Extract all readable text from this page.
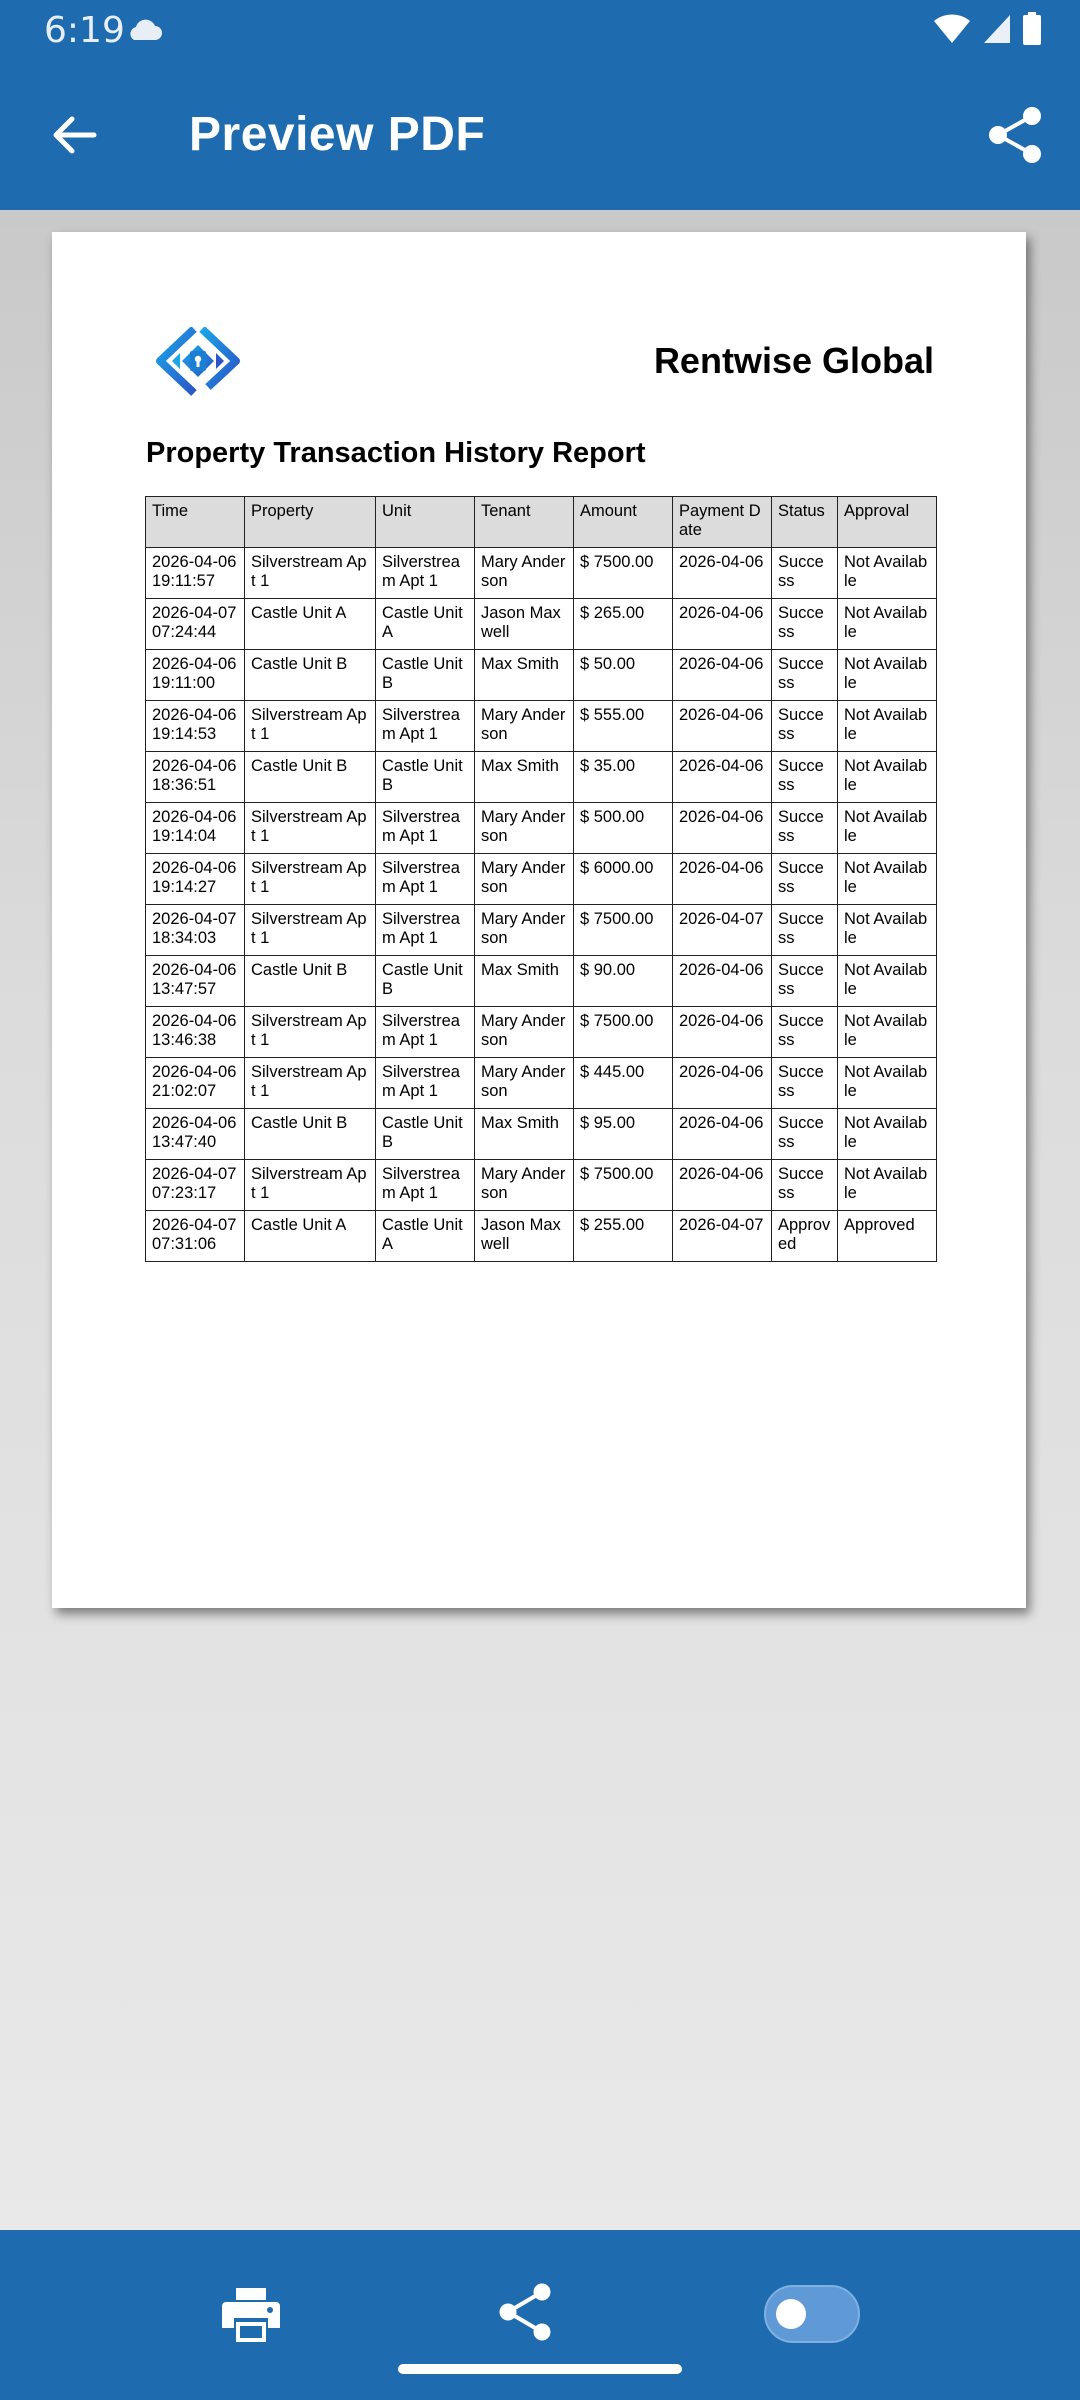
6:19
Preview PDF
Rentwise Global
Property Transaction History Report
Time	Property	Unit	Tenant	Amount	Payment Date	Status	Approval
2026-04-06 19:11:57	Silverstream Apt 1	Silverstream Apt 1	Mary Anderson	$ 7500.00	2026-04-06	Success	Not Available
2026-04-07 07:24:44	Castle Unit A	Castle Unit A	Jason Maxwell	$ 265.00	2026-04-06	Success	Not Available
2026-04-06 19:11:00	Castle Unit B	Castle Unit B	Max Smith	$ 50.00	2026-04-06	Success	Not Available
2026-04-06 19:14:53	Silverstream Apt 1	Silverstream Apt 1	Mary Anderson	$ 555.00	2026-04-06	Success	Not Available
2026-04-06 18:36:51	Castle Unit B	Castle Unit B	Max Smith	$ 35.00	2026-04-06	Success	Not Available
2026-04-06 19:14:04	Silverstream Apt 1	Silverstream Apt 1	Mary Anderson	$ 500.00	2026-04-06	Success	Not Available
2026-04-06 19:14:27	Silverstream Apt 1	Silverstream Apt 1	Mary Anderson	$ 6000.00	2026-04-06	Success	Not Available
2026-04-07 18:34:03	Silverstream Apt 1	Silverstream Apt 1	Mary Anderson	$ 7500.00	2026-04-07	Success	Not Available
2026-04-06 13:47:57	Castle Unit B	Castle Unit B	Max Smith	$ 90.00	2026-04-06	Success	Not Available
2026-04-06 13:46:38	Silverstream Apt 1	Silverstream Apt 1	Mary Anderson	$ 7500.00	2026-04-06	Success	Not Available
2026-04-06 21:02:07	Silverstream Apt 1	Silverstream Apt 1	Mary Anderson	$ 445.00	2026-04-06	Success	Not Available
2026-04-06 13:47:40	Castle Unit B	Castle Unit B	Max Smith	$ 95.00	2026-04-06	Success	Not Available
2026-04-07 07:23:17	Silverstream Apt 1	Silverstream Apt 1	Mary Anderson	$ 7500.00	2026-04-06	Success	Not Available
2026-04-07 07:31:06	Castle Unit A	Castle Unit A	Jason Maxwell	$ 255.00	2026-04-07	Approved	Approved
